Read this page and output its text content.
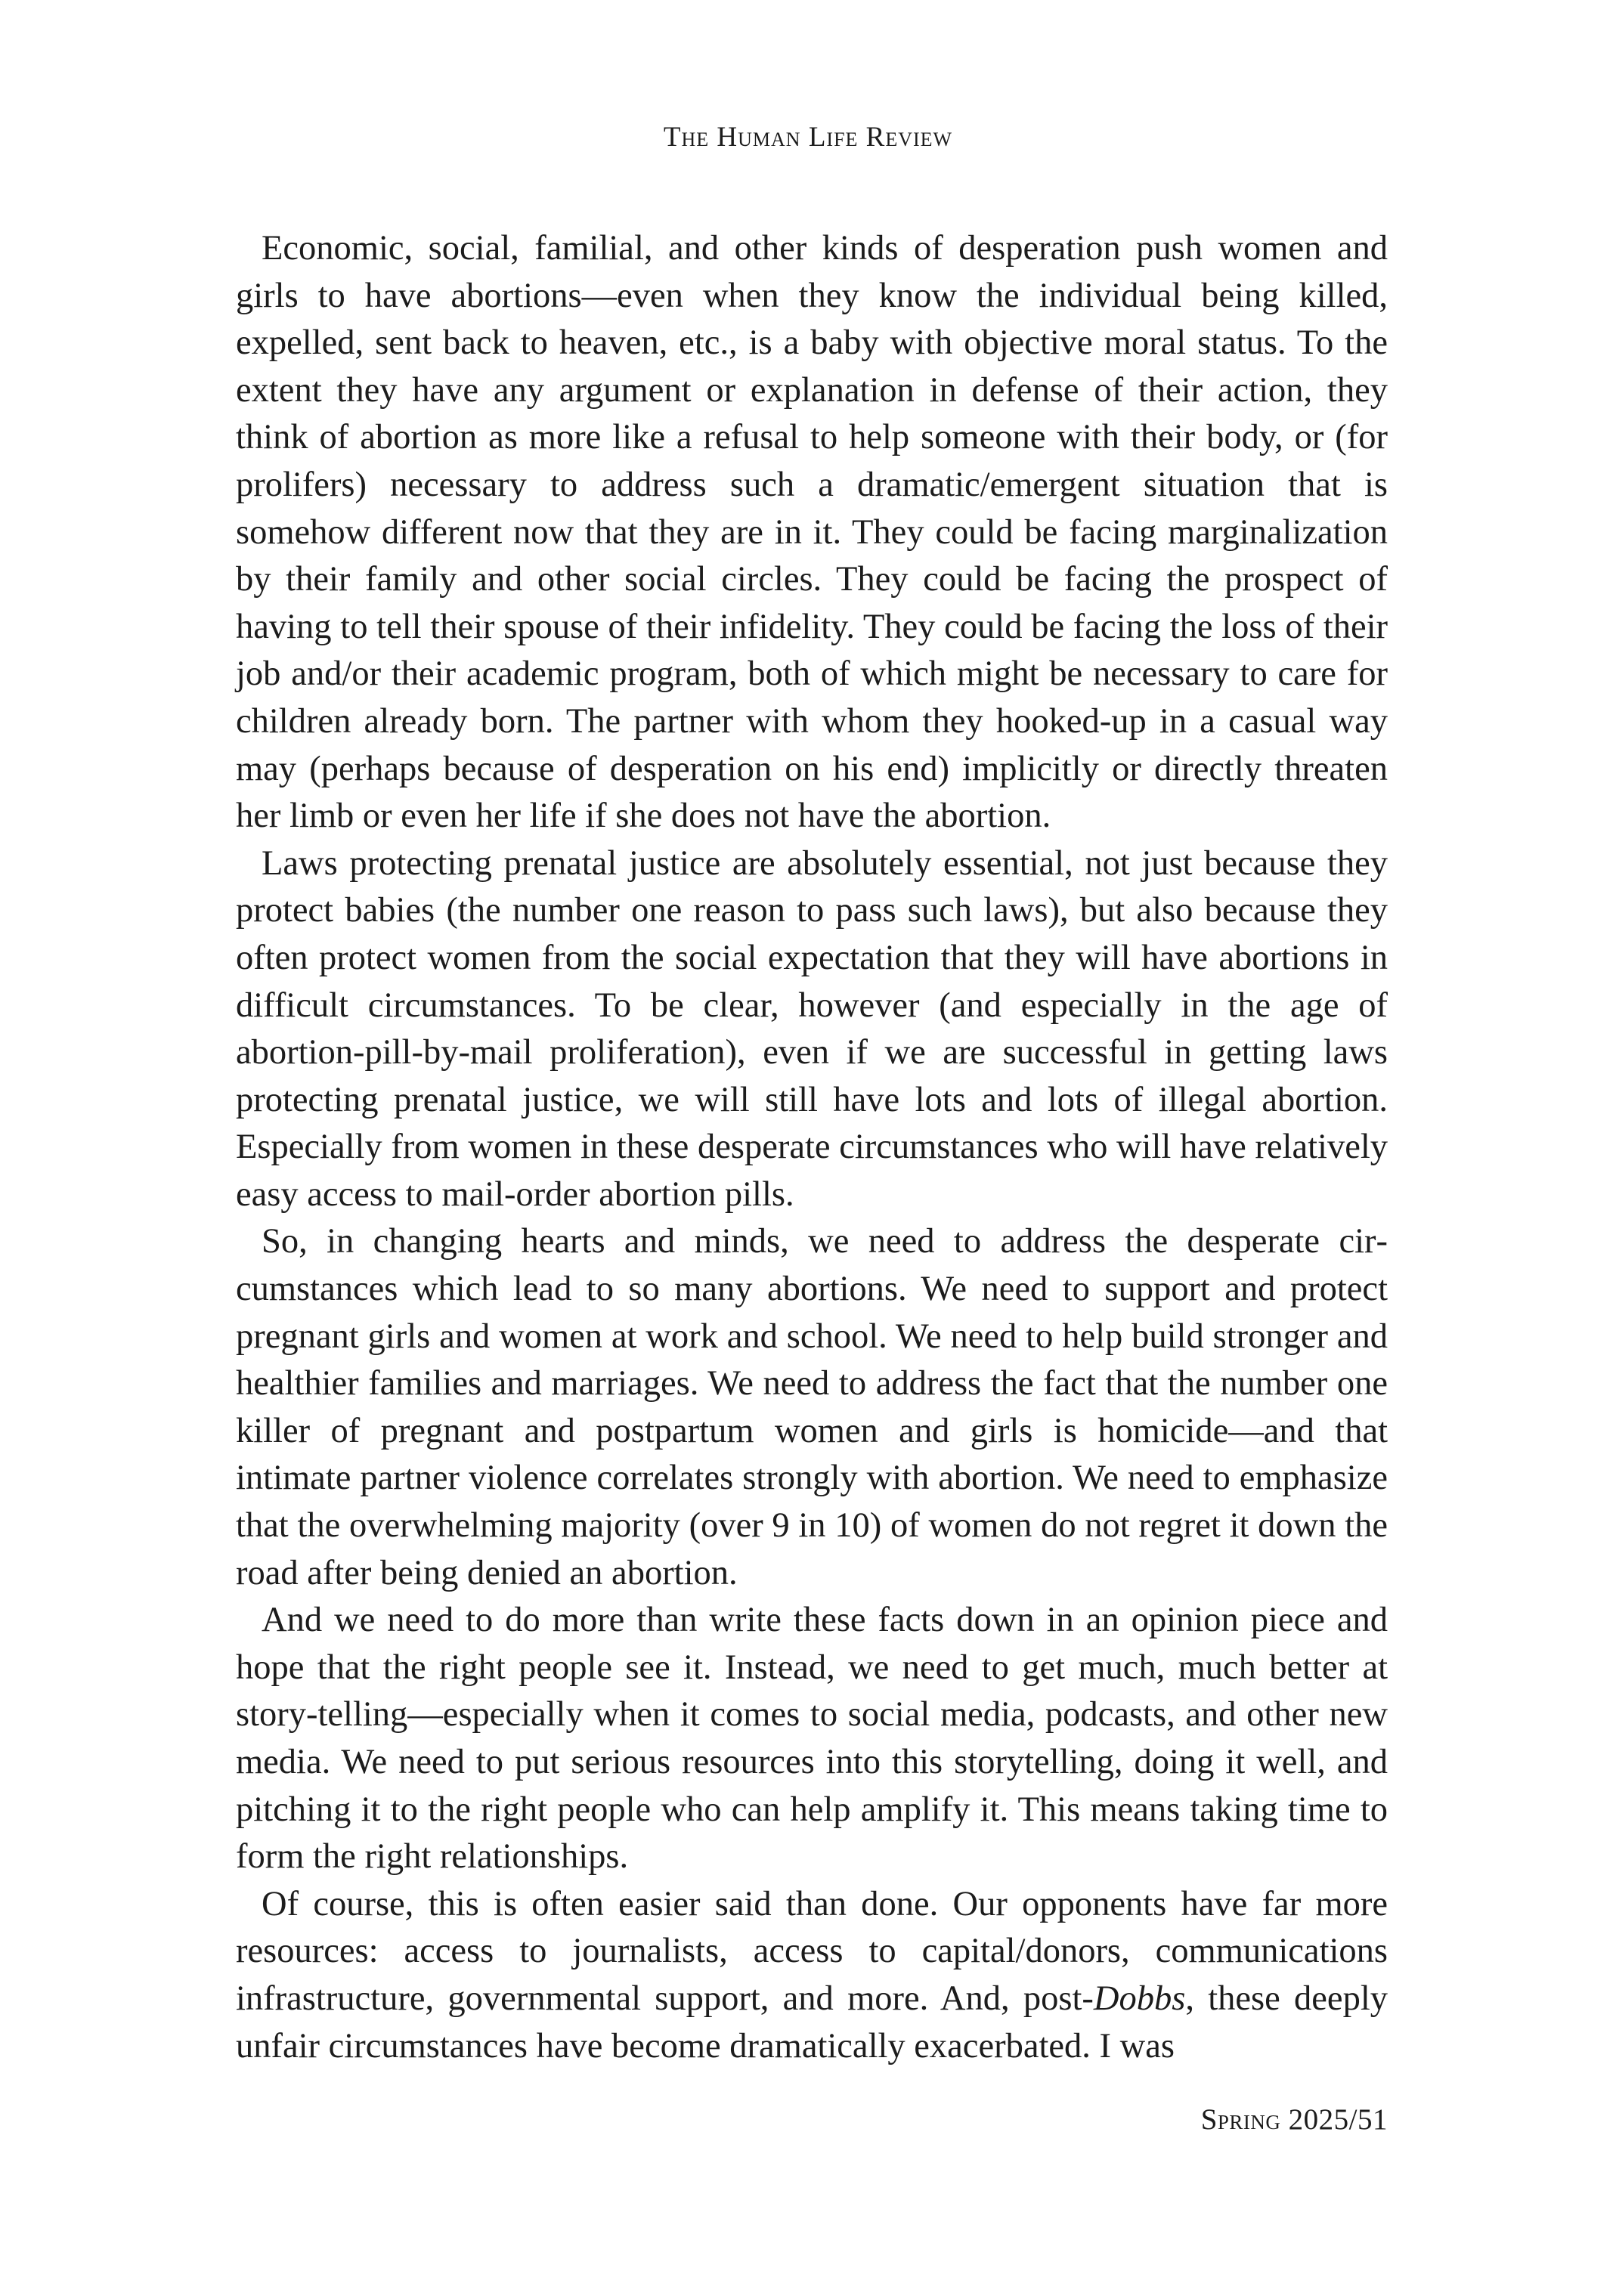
The Human Life Review

Economic, social, familial, and other kinds of desperation push women and girls to have abortions—even when they know the individual being killed, expelled, sent back to heaven, etc., is a baby with objective moral status. To the extent they have any argument or explanation in defense of their action, they think of abortion as more like a refusal to help someone with their body, or (for prolifers) necessary to address such a dramatic/emergent situation that is somehow different now that they are in it. They could be facing marginalization by their family and other social circles. They could be facing the prospect of having to tell their spouse of their infidelity. They could be facing the loss of their job and/or their academic program, both of which might be necessary to care for children already born. The partner with whom they hooked-up in a casual way may (perhaps because of desperation on his end) implicitly or directly threaten her limb or even her life if she does not have the abortion.

Laws protecting prenatal justice are absolutely essential, not just because they protect babies (the number one reason to pass such laws), but also because they often protect women from the social expectation that they will have abortions in difficult circumstances. To be clear, however (and especially in the age of abortion-pill-by-mail proliferation), even if we are successful in getting laws protecting prenatal justice, we will still have lots and lots of illegal abortion. Especially from women in these desperate circumstances who will have relatively easy access to mail-order abortion pills.

So, in changing hearts and minds, we need to address the desperate circumstances which lead to so many abortions. We need to support and protect pregnant girls and women at work and school. We need to help build stronger and healthier families and marriages. We need to address the fact that the number one killer of pregnant and postpartum women and girls is homicide—and that intimate partner violence correlates strongly with abortion. We need to emphasize that the overwhelming majority (over 9 in 10) of women do not regret it down the road after being denied an abortion.

And we need to do more than write these facts down in an opinion piece and hope that the right people see it. Instead, we need to get much, much better at story-telling—especially when it comes to social media, podcasts, and other new media. We need to put serious resources into this storytelling, doing it well, and pitching it to the right people who can help amplify it. This means taking time to form the right relationships.

Of course, this is often easier said than done. Our opponents have far more resources: access to journalists, access to capital/donors, communications infrastructure, governmental support, and more. And, post-Dobbs, these deeply unfair circumstances have become dramatically exacerbated. I was

Spring 2025/51
